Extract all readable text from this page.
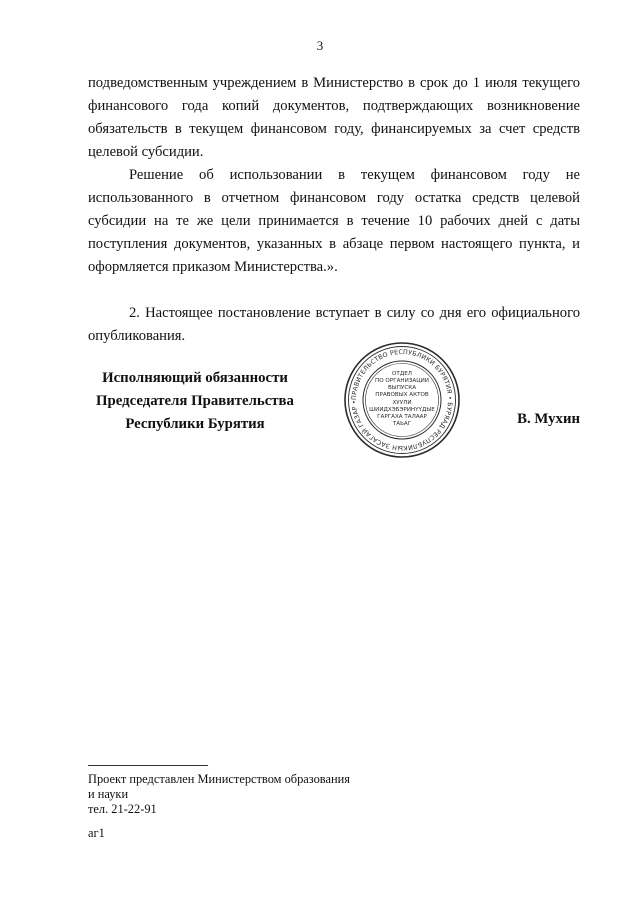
3

подведомственным учреждением в Министерство в срок до 1 июля текущего финансового года копий документов, подтверждающих возникновение обязательств в текущем финансовом году, финансируемых за счет средств целевой субсидии.

Решение об использовании в текущем финансовом году не использованного в отчетном финансовом году остатка средств целевой субсидии на те же цели принимается в течение 10 рабочих дней с даты поступления документов, указанных в абзаце первом настоящего пункта, и оформляется приказом Министерства.».

2. Настоящее постановление вступает в силу со дня его официального опубликования.

Исполняющий обязанности
Председателя Правительства
Республики Бурятия	В. Мухин
ПРАВИТЕЛЬСТВО РЕСПУБЛИКИ БУРЯТИЯ • БУРЯАД РЕСПУБЛИКЫН ЗАСАГАЙ ГАЗАР •
ОТДЕЛ
ПО ОРГАНИЗАЦИИ
ВЫПУСКА
ПРАВОВЫХ АКТОВ
ХУУЛИ
ШИИДХЭБЭРИНҮҮДЫЕ
ГАРГАХА ТАЛААР
ТАЬАГ
Проект представлен Министерством образования
и науки
тел. 21-22-91
аг1
